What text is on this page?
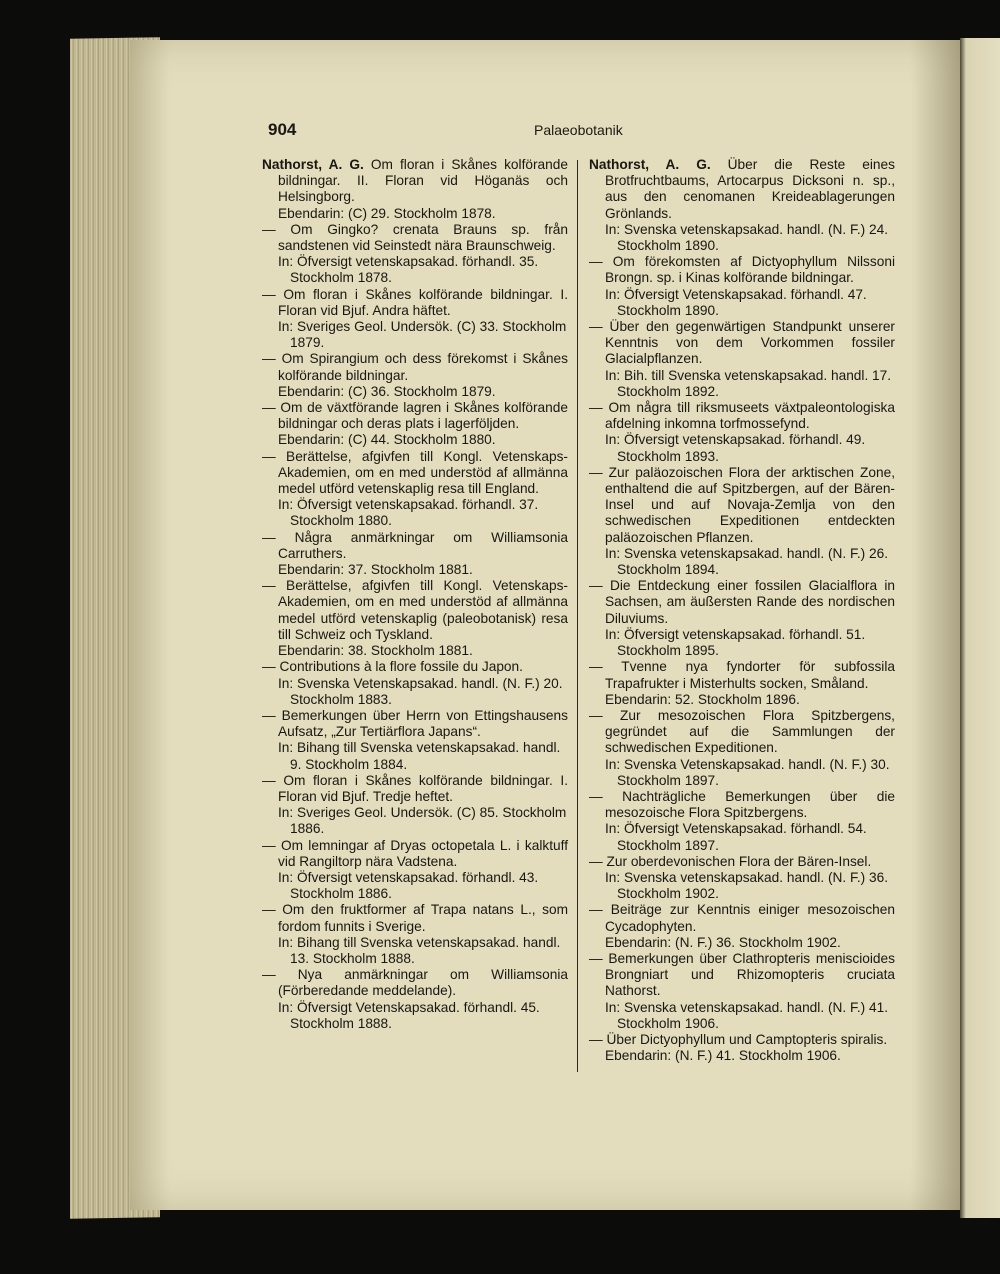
904	Palaeobotanik

Nathorst, A. G. Om floran i Skånes kolförande bildningar. II. Floran vid Höganäs och Helsingborg.

Ebendarin: (C) 29. Stockholm 1878.

— Om Gingko? crenata Brauns sp. från sandstenen vid Seinstedt nära Braunschweig.

In: Öfversigt vetenskapsakad. förhandl. 35. Stockholm 1878.

— Om floran i Skånes kolförande bildningar. I. Floran vid Bjuf. Andra häftet.

In: Sveriges Geol. Undersök. (C) 33. Stockholm 1879.

— Om Spirangium och dess förekomst i Skånes kolförande bildningar.

Ebendarin: (C) 36. Stockholm 1879.

— Om de växtförande lagren i Skånes kolförande bildningar och deras plats i lagerföljden.

Ebendarin: (C) 44. Stockholm 1880.

— Berättelse, afgivfen till Kongl. Vetenskaps-Akademien, om en med understöd af allmänna medel utförd vetenskaplig resa till England.

In: Öfversigt vetenskapsakad. förhandl. 37. Stockholm 1880.

— Några anmärkningar om Williamsonia Carruthers.

Ebendarin: 37. Stockholm 1881.

— Berättelse, afgivfen till Kongl. Vetenskaps-Akademien, om en med understöd af allmänna medel utförd vetenskaplig (paleobotanisk) resa till Schweiz och Tyskland.

Ebendarin: 38. Stockholm 1881.

— Contributions à la flore fossile du Japon.

In: Svenska Vetenskapsakad. handl. (N. F.) 20. Stockholm 1883.

— Bemerkungen über Herrn von Ettingshausens Aufsatz, „Zur Tertiärflora Japans“.

In: Bihang till Svenska vetenskapsakad. handl. 9. Stockholm 1884.

— Om floran i Skånes kolförande bildningar. I. Floran vid Bjuf. Tredje heftet.

In: Sveriges Geol. Undersök. (C) 85. Stockholm 1886.

— Om lemningar af Dryas octopetala L. i kalktuff vid Rangiltorp nära Vadstena.

In: Öfversigt vetenskapsakad. förhandl. 43. Stockholm 1886.

— Om den fruktformer af Trapa natans L., som fordom funnits i Sverige.

In: Bihang till Svenska vetenskapsakad. handl. 13. Stockholm 1888.

— Nya anmärkningar om Williamsonia (Förberedande meddelande).

In: Öfversigt Vetenskapsakad. förhandl. 45. Stockholm 1888.

Nathorst, A. G. Über die Reste eines Brotfruchtbaums, Artocarpus Dicksoni n. sp., aus den cenomanen Kreideablagerungen Grönlands.

In: Svenska vetenskapsakad. handl. (N. F.) 24. Stockholm 1890.

— Om förekomsten af Dictyophyllum Nilssoni Brongn. sp. i Kinas kolförande bildningar.

In: Öfversigt Vetenskapsakad. förhandl. 47. Stockholm 1890.

— Über den gegenwärtigen Standpunkt unserer Kenntnis von dem Vorkommen fossiler Glacialpflanzen.

In: Bih. till Svenska vetenskapsakad. handl. 17. Stockholm 1892.

— Om några till riksmuseets växtpaleontologiska afdelning inkomna torfmossefynd.

In: Öfversigt vetenskapsakad. förhandl. 49. Stockholm 1893.

— Zur paläozoischen Flora der arktischen Zone, enthaltend die auf Spitzbergen, auf der Bären-Insel und auf Novaja-Zemlja von den schwedischen Expeditionen entdeckten paläozoischen Pflanzen.

In: Svenska vetenskapsakad. handl. (N. F.) 26. Stockholm 1894.

— Die Entdeckung einer fossilen Glacialflora in Sachsen, am äußersten Rande des nordischen Diluviums.

In: Öfversigt vetenskapsakad. förhandl. 51. Stockholm 1895.

— Tvenne nya fyndorter för subfossila Trapafrukter i Misterhults socken, Småland.

Ebendarin: 52. Stockholm 1896.

— Zur mesozoischen Flora Spitzbergens, gegründet auf die Sammlungen der schwedischen Expeditionen.

In: Svenska Vetenskapsakad. handl. (N. F.) 30. Stockholm 1897.

— Nachträgliche Bemerkungen über die mesozoische Flora Spitzbergens.

In: Öfversigt Vetenskapsakad. förhandl. 54. Stockholm 1897.

— Zur oberdevonischen Flora der Bären-Insel.

In: Svenska vetenskapsakad. handl. (N. F.) 36. Stockholm 1902.

— Beiträge zur Kenntnis einiger mesozoischen Cycadophyten.

Ebendarin: (N. F.) 36. Stockholm 1902.

— Bemerkungen über Clathropteris meniscioides Brongniart und Rhizomopteris cruciata Nathorst.

In: Svenska vetenskapsakad. handl. (N. F.) 41. Stockholm 1906.

— Über Dictyophyllum und Camptopteris spiralis.

Ebendarin: (N. F.) 41. Stockholm 1906.
